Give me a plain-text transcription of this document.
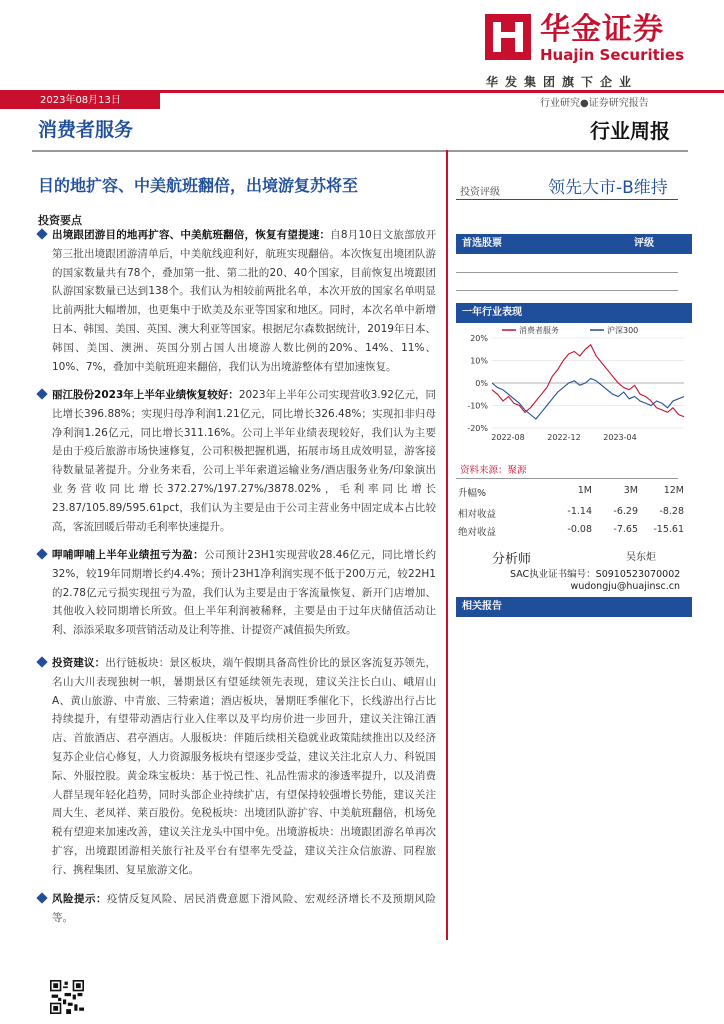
华金证券
Huajin Securities
华发集团旗下企业
2023年08月13日	行业研究●证券研究报告
消费者服务	行业周报
目的地扩容、中美航班翻倍，出境游复苏将至	投资评级	领先大市-B维持
投资要点
出境跟团游目的地再扩容、中美航班翻倍，恢复有望提速：自8月10日文旅部放开第三批出境跟团游清单后，中美航线迎利好，航班实现翻倍。本次恢复出境团队游的国家数量共有78个，叠加第一批、第二批的20、40个国家，目前恢复出境跟团队游国家数量已达到138个。我们认为相较前两批名单，本次开放的国家名单明显比前两批大幅增加，也更集中于欧美及东亚等国家和地区。同时，本次名单中新增日本、韩国、美国、英国、澳大利亚等国家。根据尼尔森数据统计，2019年日本、韩国、美国、澳洲、英国分别占国人出境游人数比例的20%、14%、11%、10%、7%，叠加中美航班迎来翻倍，我们认为出境游整体有望加速恢复。
丽江股份2023年上半年业绩恢复较好：2023年上半年公司实现营收3.92亿元，同比增长396.88%；实现归母净利润1.21亿元，同比增长326.48%；实现扣非归母净利润1.26亿元，同比增长311.16%。公司上半年业绩表现较好，我们认为主要是由于疫后旅游市场快速修复，公司积极把握机遇，拓展市场且成效明显，游客接待数量显著提升。分业务来看，公司上半年索道运输业务/酒店服务业务/印象演出业务营收同比增长372.27%/197.27%/3878.02%，毛利率同比增长23.87/105.89/595.61pct，我们认为主要是由于公司主营业务中固定成本占比较高，客流回暖后带动毛利率快速提升。
呷哺呷哺上半年业绩扭亏为盈：公司预计23H1实现营收28.46亿元，同比增长约32%，较19年同期增长约4.4%；预计23H1净利润实现不低于200万元，较22H1的2.78亿元亏损实现扭亏为盈，我们认为主要是由于客流量恢复、新开门店增加、其他收入较同期增长所致。但上半年利润被稀释，主要是由于过年庆储值活动让利、添添采取多项营销活动及让利等推、计提资产减值损失所致。
投资建议：出行链板块：景区板块，端午假期具备高性价比的景区客流复苏领先，名山大川表现独树一帜，暑期景区有望延续领先表现，建议关注长白山、峨眉山A、黄山旅游、中青旅、三特索道；酒店板块，暑期旺季催化下，长线游出行占比持续提升，有望带动酒店行业入住率以及平均房价进一步回升，建议关注锦江酒店、首旅酒店、君亭酒店。人服板块：伴随后续相关稳就业政策陆续推出以及经济复苏企业信心修复，人力资源服务板块有望逐步受益，建议关注北京人力、科锐国际、外服控股。黄金珠宝板块：基于悦己性、礼品性需求的渗透率提升，以及消费人群呈现年轻化趋势，同时头部企业持续扩店，有望保持较强增长势能，建议关注周大生、老凤祥、莱百股份。免税板块：出境团队游扩容、中美航班翻倍，机场免税有望迎来加速改善，建议关注龙头中国中免。出境游板块：出境跟团游名单再次扩容，出境跟团游相关旅行社及平台有望率先受益，建议关注众信旅游、同程旅行、携程集团、复星旅游文化。
风险提示：疫情反复风险、居民消费意愿下滑风险、宏观经济增长不及预期风险等。
首选股票	评级
一年行业表现
20%
10%
0%
-10%
-20%
2022-08	2022-12	2023-04
消费者服务	沪深300
资料来源：聚源
升幅%	1M	3M	12M
相对收益	-1.14	-6.29	-8.28
绝对收益	-0.08	-7.65	-15.61
分析师	吴东炬
SAC执业证书编号：S0910523070002
wudongju@huajinsc.cn
相关报告
